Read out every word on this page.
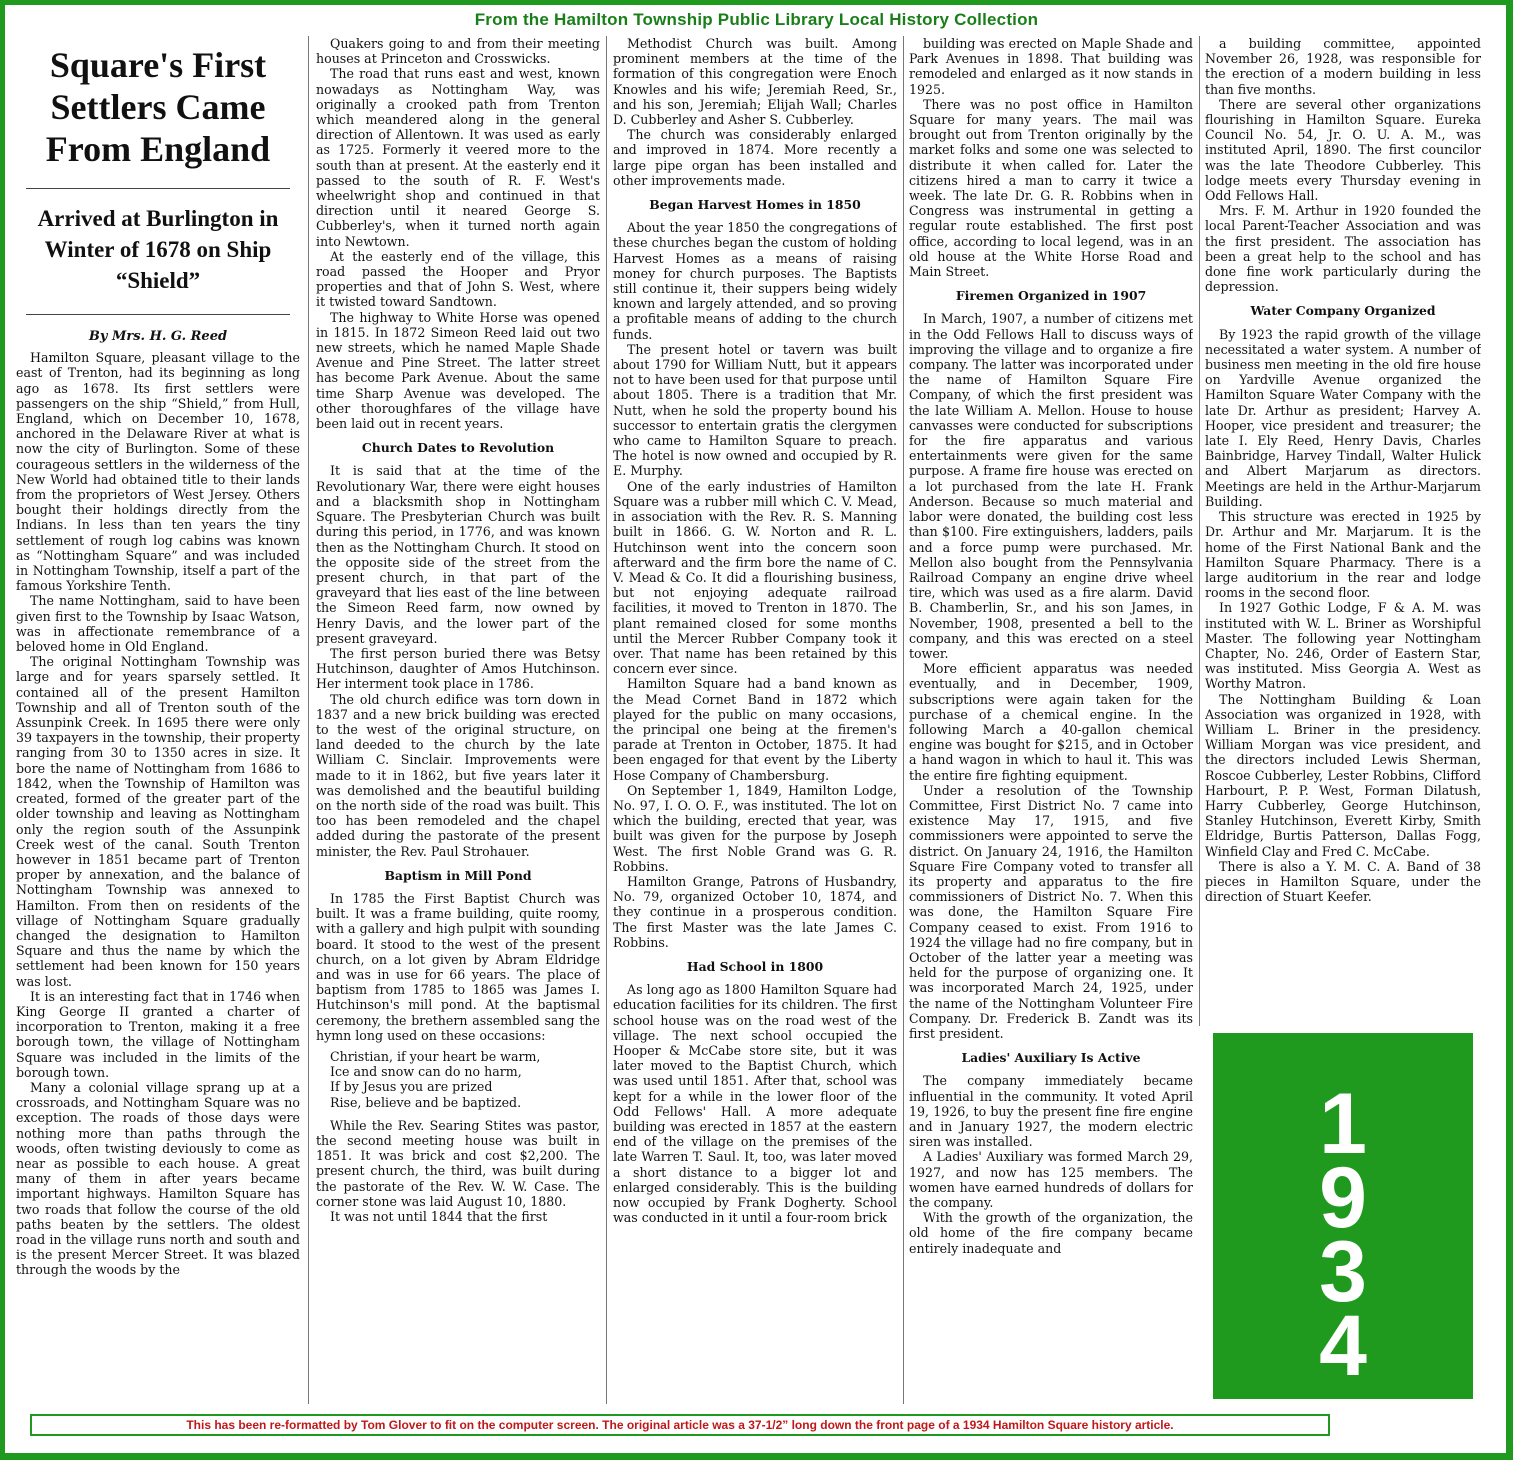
From the Hamilton Township Public Library Local History Collection
Square's First Settlers Came From England
Arrived at Burlington in Winter of 1678 on Ship “Shield”
By Mrs. H. G. Reed

Hamilton Square, pleasant village to the east of Trenton, had its beginning as long ago as 1678. Its first settlers were passengers on the ship “Shield,” from Hull, England, which on December 10, 1678, anchored in the Delaware River at what is now the city of Burlington. Some of these courageous settlers in the wilderness of the New World had obtained title to their lands from the proprietors of West Jersey. Others bought their holdings directly from the Indians. In less than ten years the tiny settlement of rough log cabins was known as “Nottingham Square” and was included in Nottingham Township, itself a part of the famous Yorkshire Tenth.

The name Nottingham, said to have been given first to the Township by Isaac Watson, was in affectionate remembrance of a beloved home in Old England.

The original Nottingham Township was large and for years sparsely settled. It contained all of the present Hamilton Township and all of Trenton south of the Assunpink Creek. In 1695 there were only 39 taxpayers in the township, their property ranging from 30 to 1350 acres in size. It bore the name of Nottingham from 1686 to 1842, when the Township of Hamilton was created, formed of the greater part of the older township and leaving as Nottingham only the region south of the Assunpink Creek west of the canal. South Trenton however in 1851 became part of Trenton proper by annexation, and the balance of Nottingham Township was annexed to Hamilton. From then on residents of the village of Nottingham Square gradually changed the designation to Hamilton Square and thus the name by which the settlement had been known for 150 years was lost.

It is an interesting fact that in 1746 when King George II granted a charter of incorporation to Trenton, making it a free borough town, the village of Nottingham Square was included in the limits of the borough town.

Many a colonial village sprang up at a crossroads, and Nottingham Square was no exception. The roads of those days were nothing more than paths through the woods, often twisting deviously to come as near as possible to each house. A great many of them in after years became important highways. Hamilton Square has two roads that follow the course of the old paths beaten by the settlers. The oldest road in the village runs north and south and is the present Mercer Street. It was blazed through the woods by the

Quakers going to and from their meeting houses at Princeton and Crosswicks.

The road that runs east and west, known nowadays as Nottingham Way, was originally a crooked path from Trenton which meandered along in the general direction of Allentown. It was used as early as 1725. Formerly it veered more to the south than at present. At the easterly end it passed to the south of R. F. West's wheelwright shop and continued in that direction until it neared George S. Cubberley's, when it turned north again into Newtown.

At the easterly end of the village, this road passed the Hooper and Pryor properties and that of John S. West, where it twisted toward Sandtown.

The highway to White Horse was opened in 1815. In 1872 Simeon Reed laid out two new streets, which he named Maple Shade Avenue and Pine Street. The latter street has become Park Avenue. About the same time Sharp Avenue was developed. The other thoroughfares of the village have been laid out in recent years.

Church Dates to Revolution

It is said that at the time of the Revolutionary War, there were eight houses and a blacksmith shop in Nottingham Square. The Presbyterian Church was built during this period, in 1776, and was known then as the Nottingham Church. It stood on the opposite side of the street from the present church, in that part of the graveyard that lies east of the line between the Simeon Reed farm, now owned by Henry Davis, and the lower part of the present graveyard.

The first person buried there was Betsy Hutchinson, daughter of Amos Hutchinson. Her interment took place in 1786.

The old church edifice was torn down in 1837 and a new brick building was erected to the west of the original structure, on land deeded to the church by the late William C. Sinclair. Improvements were made to it in 1862, but five years later it was demolished and the beautiful building on the north side of the road was built. This too has been remodeled and the chapel added during the pastorate of the present minister, the Rev. Paul Strohauer.

Baptism in Mill Pond

In 1785 the First Baptist Church was built. It was a frame building, quite roomy, with a gallery and high pulpit with sounding board. It stood to the west of the present church, on a lot given by Abram Eldridge and was in use for 66 years. The place of baptism from 1785 to 1865 was James I. Hutchinson's mill pond. At the baptismal ceremony, the brethern assembled sang the hymn long used on these occasions:

Christian, if your heart be warm,
Ice and snow can do no harm,
If by Jesus you are prized
Rise, believe and be baptized.

While the Rev. Searing Stites was pastor, the second meeting house was built in 1851. It was brick and cost $2,200. The present church, the third, was built during the pastorate of the Rev. W. W. Case. The corner stone was laid August 10, 1880.

It was not until 1844 that the first

Methodist Church was built. Among prominent members at the time of the formation of this congregation were Enoch Knowles and his wife; Jeremiah Reed, Sr., and his son, Jeremiah; Elijah Wall; Charles D. Cubberley and Asher S. Cubberley.

The church was considerably enlarged and improved in 1874. More recently a large pipe organ has been installed and other improvements made.

Began Harvest Homes in 1850

About the year 1850 the congregations of these churches began the custom of holding Harvest Homes as a means of raising money for church purposes. The Baptists still continue it, their suppers being widely known and largely attended, and so proving a profitable means of adding to the church funds.

The present hotel or tavern was built about 1790 for William Nutt, but it appears not to have been used for that purpose until about 1805. There is a tradition that Mr. Nutt, when he sold the property bound his successor to entertain gratis the clergymen who came to Hamilton Square to preach. The hotel is now owned and occupied by R. E. Murphy.

One of the early industries of Hamilton Square was a rubber mill which C. V. Mead, in association with the Rev. R. S. Manning built in 1866. G. W. Norton and R. L. Hutchinson went into the concern soon afterward and the firm bore the name of C. V. Mead & Co. It did a flourishing business, but not enjoying adequate railroad facilities, it moved to Trenton in 1870. The plant remained closed for some months until the Mercer Rubber Company took it over. That name has been retained by this concern ever since.

Hamilton Square had a band known as the Mead Cornet Band in 1872 which played for the public on many occasions, the principal one being at the firemen's parade at Trenton in October, 1875. It had been engaged for that event by the Liberty Hose Company of Chambersburg.

On September 1, 1849, Hamilton Lodge, No. 97, I. O. O. F., was instituted. The lot on which the building, erected that year, was built was given for the purpose by Joseph West. The first Noble Grand was G. R. Robbins.

Hamilton Grange, Patrons of Husbandry, No. 79, organized October 10, 1874, and they continue in a prosperous condition. The first Master was the late James C. Robbins.

Had School in 1800

As long ago as 1800 Hamilton Square had education facilities for its children. The first school house was on the road west of the village. The next school occupied the Hooper & McCabe store site, but it was later moved to the Baptist Church, which was used until 1851. After that, school was kept for a while in the lower floor of the Odd Fellows' Hall. A more adequate building was erected in 1857 at the eastern end of the village on the premises of the late Warren T. Saul. It, too, was later moved a short distance to a bigger lot and enlarged considerably. This is the building now occupied by Frank Dogherty. School was conducted in it until a four-room brick

building was erected on Maple Shade and Park Avenues in 1898. That building was remodeled and enlarged as it now stands in 1925.

There was no post office in Hamilton Square for many years. The mail was brought out from Trenton originally by the market folks and some one was selected to distribute it when called for. Later the citizens hired a man to carry it twice a week. The late Dr. G. R. Robbins when in Congress was instrumental in getting a regular route established. The first post office, according to local legend, was in an old house at the White Horse Road and Main Street.

Firemen Organized in 1907

In March, 1907, a number of citizens met in the Odd Fellows Hall to discuss ways of improving the village and to organize a fire company. The latter was incorporated under the name of Hamilton Square Fire Company, of which the first president was the late William A. Mellon. House to house canvasses were conducted for subscriptions for the fire apparatus and various entertainments were given for the same purpose. A frame fire house was erected on a lot purchased from the late H. Frank Anderson. Because so much material and labor were donated, the building cost less than $100. Fire extinguishers, ladders, pails and a force pump were purchased. Mr. Mellon also bought from the Pennsylvania Railroad Company an engine drive wheel tire, which was used as a fire alarm. David B. Chamberlin, Sr., and his son James, in November, 1908, presented a bell to the company, and this was erected on a steel tower.

More efficient apparatus was needed eventually, and in December, 1909, subscriptions were again taken for the purchase of a chemical engine. In the following March a 40-gallon chemical engine was bought for $215, and in October a hand wagon in which to haul it. This was the entire fire fighting equipment.

Under a resolution of the Township Committee, First District No. 7 came into existence May 17, 1915, and five commissioners were appointed to serve the district. On January 24, 1916, the Hamilton Square Fire Company voted to transfer all its property and apparatus to the fire commissioners of District No. 7. When this was done, the Hamilton Square Fire Company ceased to exist. From 1916 to 1924 the village had no fire company, but in October of the latter year a meeting was held for the purpose of organizing one. It was incorporated March 24, 1925, under the name of the Nottingham Volunteer Fire Company. Dr. Frederick B. Zandt was its first president.

Ladies' Auxiliary Is Active

The company immediately became influential in the community. It voted April 19, 1926, to buy the present fine fire engine and in January 1927, the modern electric siren was installed.

A Ladies' Auxiliary was formed March 29, 1927, and now has 125 members. The women have earned hundreds of dollars for the company.

With the growth of the organization, the old home of the fire company became entirely inadequate and

a building committee, appointed November 26, 1928, was responsible for the erection of a modern building in less than five months.

There are several other organizations flourishing in Hamilton Square. Eureka Council No. 54, Jr. O. U. A. M., was instituted April, 1890. The first councilor was the late Theodore Cubberley. This lodge meets every Thursday evening in Odd Fellows Hall.

Mrs. F. M. Arthur in 1920 founded the local Parent-Teacher Association and was the first president. The association has been a great help to the school and has done fine work particularly during the depression.

Water Company Organized

By 1923 the rapid growth of the village necessitated a water system. A number of business men meeting in the old fire house on Yardville Avenue organized the Hamilton Square Water Company with the late Dr. Arthur as president; Harvey A. Hooper, vice president and treasurer; the late I. Ely Reed, Henry Davis, Charles Bainbridge, Harvey Tindall, Walter Hulick and Albert Marjarum as directors. Meetings are held in the Arthur-Marjarum Building.

This structure was erected in 1925 by Dr. Arthur and Mr. Marjarum. It is the home of the First National Bank and the Hamilton Square Pharmacy. There is a large auditorium in the rear and lodge rooms in the second floor.

In 1927 Gothic Lodge, F & A. M. was instituted with W. L. Briner as Worshipful Master. The following year Nottingham Chapter, No. 246, Order of Eastern Star, was instituted. Miss Georgia A. West as Worthy Matron.

The Nottingham Building & Loan Association was organized in 1928, with William L. Briner in the presidency. William Morgan was vice president, and the directors included Lewis Sherman, Roscoe Cubberley, Lester Robbins, Clifford Harbourt, P. P. West, Forman Dilatush, Harry Cubberley, George Hutchinson, Stanley Hutchinson, Everett Kirby, Smith Eldridge, Burtis Patterson, Dallas Fogg, Winfield Clay and Fred C. McCabe.

There is also a Y. M. C. A. Band of 38 pieces in Hamilton Square, under the direction of Stuart Keefer.

1
9
3
4
This has been re-formatted by Tom Glover to fit on the computer screen. The original article was a 37-1/2” long down the front page of a 1934 Hamilton Square history article.
